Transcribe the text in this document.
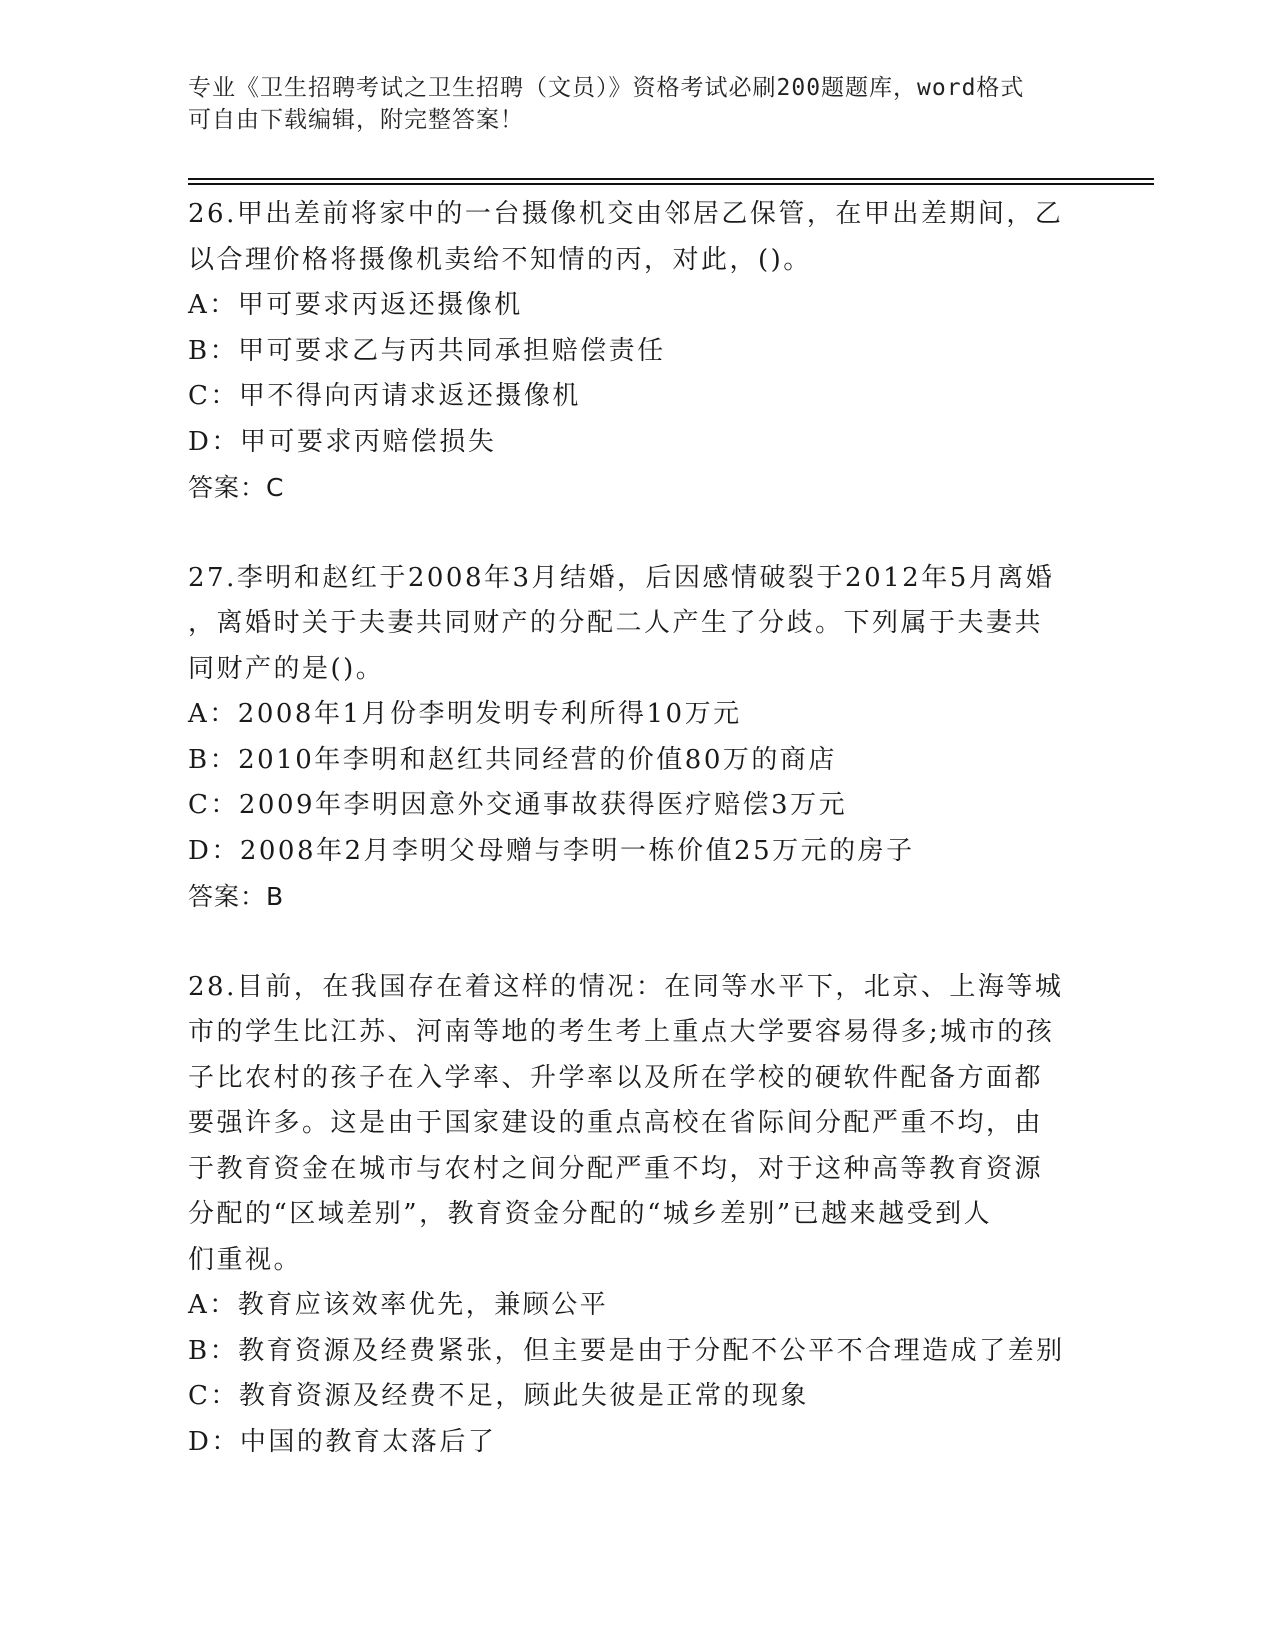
专业《卫生招聘考试之卫生招聘（文员）》资格考试必刷200题题库，word格式
可自由下载编辑，附完整答案！
26.甲出差前将家中的一台摄像机交由邻居乙保管，在甲出差期间，乙
以合理价格将摄像机卖给不知情的丙，对此，()。
A：甲可要求丙返还摄像机
B：甲可要求乙与丙共同承担赔偿责任
C：甲不得向丙请求返还摄像机
D：甲可要求丙赔偿损失
答案：C
27.李明和赵红于2008年3月结婚，后因感情破裂于2012年5月离婚
，离婚时关于夫妻共同财产的分配二人产生了分歧。下列属于夫妻共
同财产的是()。
A：2008年1月份李明发明专利所得10万元
B：2010年李明和赵红共同经营的价值80万的商店
C：2009年李明因意外交通事故获得医疗赔偿3万元
D：2008年2月李明父母赠与李明一栋价值25万元的房子
答案：B
28.目前，在我国存在着这样的情况：在同等水平下，北京、上海等城
市的学生比江苏、河南等地的考生考上重点大学要容易得多;城市的孩
子比农村的孩子在入学率、升学率以及所在学校的硬软件配备方面都
要强许多。这是由于国家建设的重点高校在省际间分配严重不均，由
于教育资金在城市与农村之间分配严重不均，对于这种高等教育资源
分配的“区域差别”，教育资金分配的“城乡差别”已越来越受到人
们重视。
A：教育应该效率优先，兼顾公平
B：教育资源及经费紧张，但主要是由于分配不公平不合理造成了差别
C：教育资源及经费不足，顾此失彼是正常的现象
D：中国的教育太落后了
